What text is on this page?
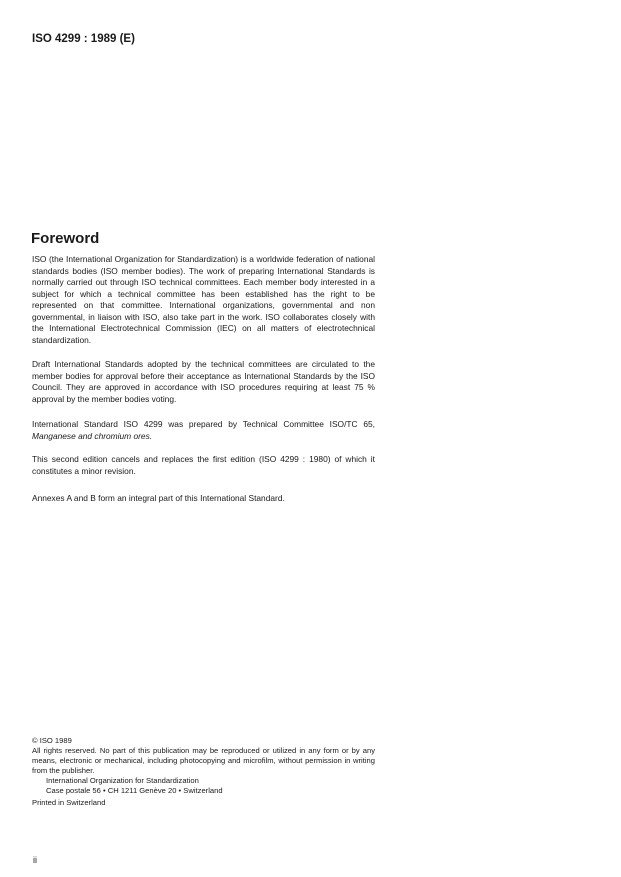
ISO 4299 : 1989 (E)
Foreword

ISO (the International Organization for Standardization) is a worldwide federation of national standards bodies (ISO member bodies). The work of preparing International Standards is normally carried out through ISO technical committees. Each member body interested in a subject for which a technical committee has been established has the right to be represented on that committee. International organizations, governmental and non governmental, in liaison with ISO, also take part in the work. ISO collaborates closely with the International Electrotechnical Commission (IEC) on all matters of electrotechnical standardization.

Draft International Standards adopted by the technical committees are circulated to the member bodies for approval before their acceptance as International Standards by the ISO Council. They are approved in accordance with ISO procedures requiring at least 75 % approval by the member bodies voting.

International Standard ISO 4299 was prepared by Technical Committee ISO/TC 65, Manganese and chromium ores.

This second edition cancels and replaces the first edition (ISO 4299 : 1980) of which it constitutes a minor revision.

Annexes A and B form an integral part of this International Standard.

© ISO 1989

All rights reserved. No part of this publication may be reproduced or utilized in any form or by any means, electronic or mechanical, including photocopying and microfilm, without permission in writing from the publisher.

International Organization for Standardization

Case postale 56 • CH 1211 Genève 20 • Switzerland

Printed in Switzerland

ii
